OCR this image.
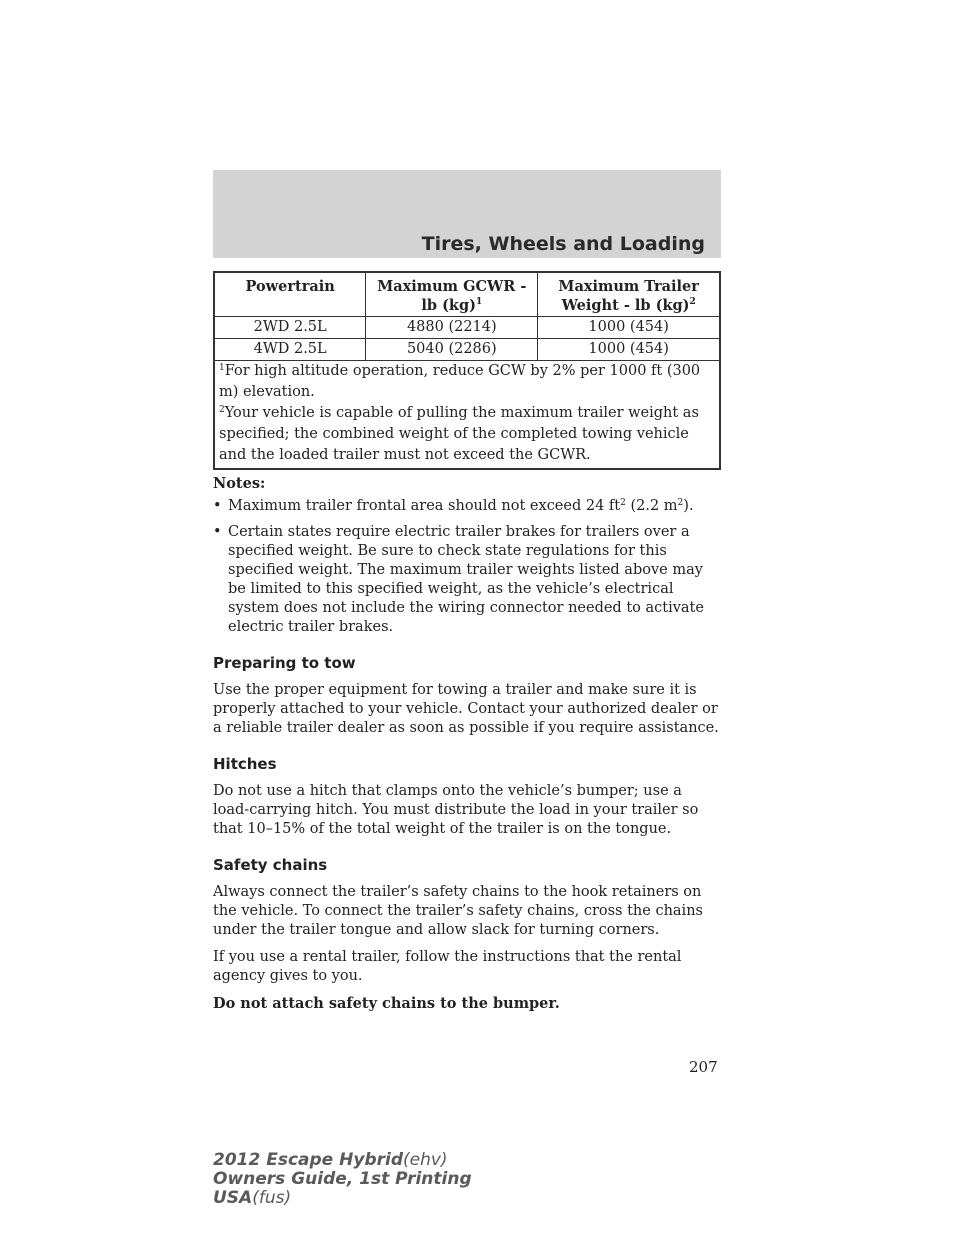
Tires, Wheels and Loading
Powertrain	Maximum GCWR - lb (kg)$^1$	Maximum Trailer Weight - lb (kg)$^2$
2WD 2.5L	4880 (2214)	1000 (454)
4WD 2.5L	5040 (2286)	1000 (454)

$^1$For high altitude operation, reduce GCW by 2% per 1000 ft (300 m) elevation.
$^2$Your vehicle is capable of pulling the maximum trailer weight as specified; the combined weight of the completed towing vehicle and the loaded trailer must not exceed the GCWR.		
Notes:
• Maximum trailer frontal area should not exceed 24 $ft^2$ (2.2 $m^2$).
• Certain states require electric trailer brakes for trailers over a specified weight. Be sure to check state regulations for this specified weight. The maximum trailer weights listed above may be limited to this specified weight, as the vehicle’s electrical system does not include the wiring connector needed to activate electric trailer brakes.
Preparing to tow

Use the proper equipment for towing a trailer and make sure it is properly attached to your vehicle. Contact your authorized dealer or a reliable trailer dealer as soon as possible if you require assistance.

Hitches

Do not use a hitch that clamps onto the vehicle’s bumper; use a load-carrying hitch. You must distribute the load in your trailer so that 10–15% of the total weight of the trailer is on the tongue.

Safety chains

Always connect the trailer’s safety chains to the hook retainers on the vehicle. To connect the trailer’s safety chains, cross the chains under the trailer tongue and allow slack for turning corners.

If you use a rental trailer, follow the instructions that the rental agency gives to you.

Do not attach safety chains to the bumper.

207
2012 Escape Hybrid(ehv)
Owners Guide, 1st Printing
USA(fus)
